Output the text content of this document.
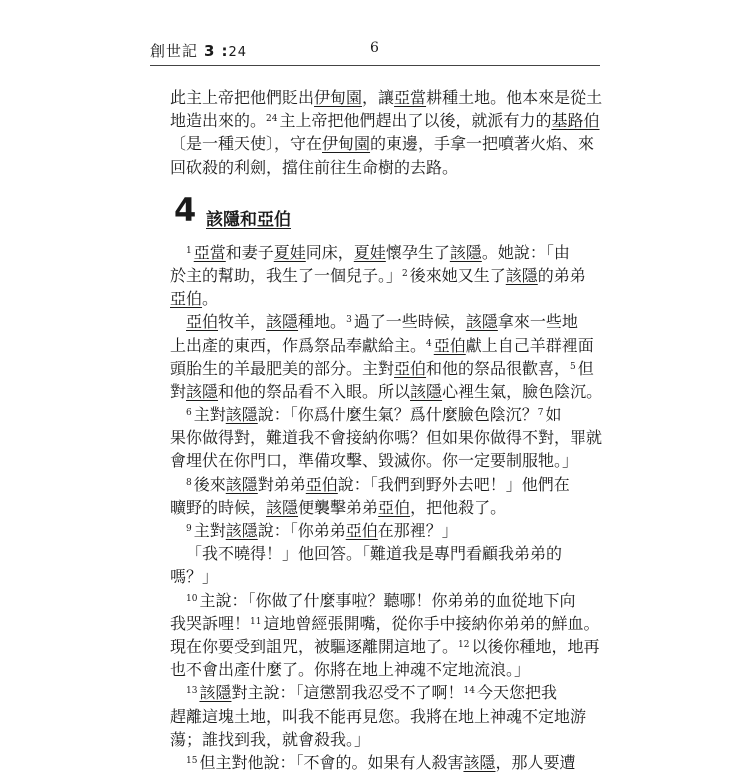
創世記 3 :24	6
此主上帝把他們貶出伊甸園，讓亞當耕種土地。他本來是從土
地造出來的。$^{24}$ 主上帝把他們趕出了以後，就派有力的基路伯
〔是一種天使〕，守在伊甸園的東邊，手拿一把噴著火焰、來
回砍殺的利劍，擋住前往生命樹的去路。
4 該隱和亞伯
$^1$ 亞當和妻子夏娃同床，夏娃懷孕生了該隱。她說：「由
於主的幫助，我生了一個兒子。」$^2$ 後來她又生了該隱的弟弟
亞伯。
亞伯牧羊，該隱種地。$^3$ 過了一些時候，該隱拿來一些地
上出產的東西，作爲祭品奉獻給主。$^4$ 亞伯獻上自己羊群裡面
頭胎生的羊最肥美的部分。主對亞伯和他的祭品很歡喜，$^5$ 但
對該隱和他的祭品看不入眼。所以該隱心裡生氣，臉色陰沉。
$^6$ 主對該隱說：「你爲什麼生氣？爲什麼臉色陰沉？$^7$ 如
果你做得對，難道我不會接納你嗎？但如果你做得不對，罪就
會埋伏在你門口，準備攻擊、毀滅你。你一定要制服牠。」
$^8$ 後來該隱對弟弟亞伯說：「我們到野外去吧！」他們在
曠野的時候，該隱便襲擊弟弟亞伯，把他殺了。
$^9$ 主對該隱說：「你弟弟亞伯在那裡？」
「我不曉得！」他回答。「難道我是專門看顧我弟弟的
嗎？」
$^{10}$ 主說：「你做了什麼事啦？聽哪！你弟弟的血從地下向
我哭訴哩！$^{11}$ 這地曾經張開嘴，從你手中接納你弟弟的鮮血。
現在你要受到詛咒，被驅逐離開這地了。$^{12}$ 以後你種地，地再
也不會出產什麼了。你將在地上神魂不定地流浪。」
$^{13}$ 該隱對主說：「這懲罰我忍受不了啊！$^{14}$ 今天您把我
趕離這塊土地，叫我不能再見您。我將在地上神魂不定地游
蕩；誰找到我，就會殺我。」
$^{15}$ 但主對他說：「不會的。如果有人殺害該隱，那人要遭
